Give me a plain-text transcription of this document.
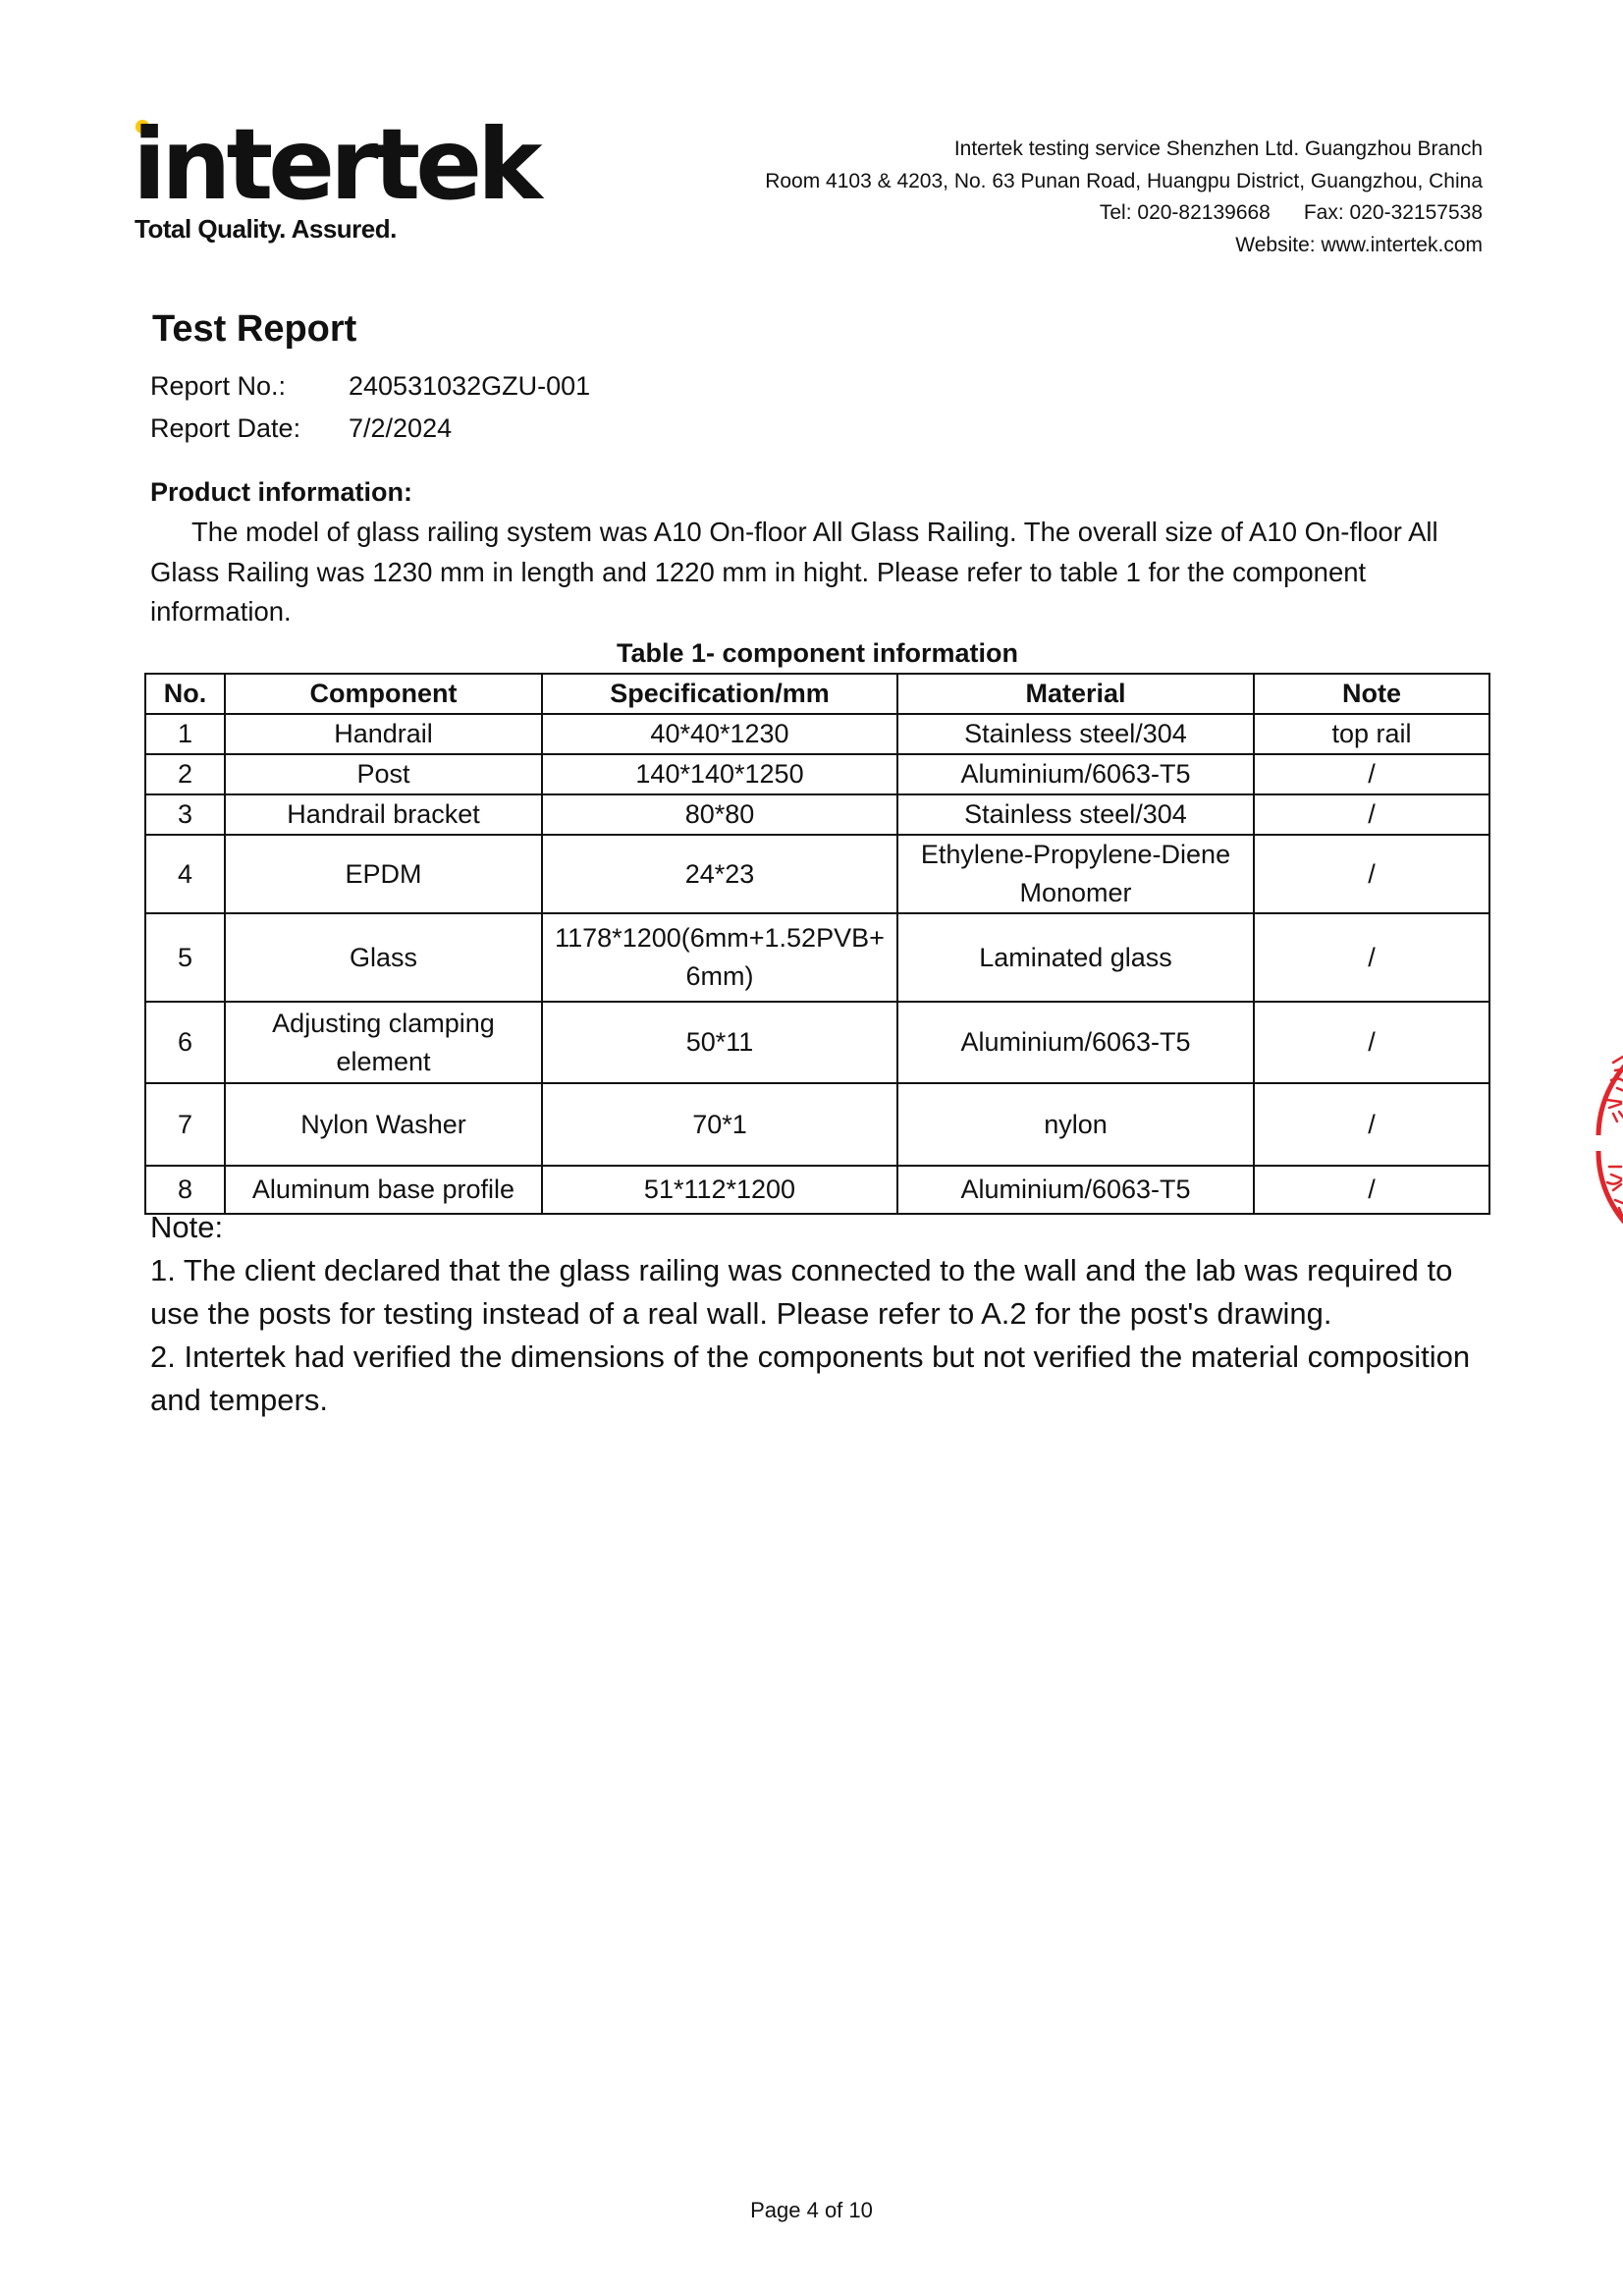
intertek
Total Quality. Assured.
Intertek testing service Shenzhen Ltd. Guangzhou Branch
Room 4103 & 4203, No. 63 Punan Road, Huangpu District, Guangzhou, China
Tel: 020-82139668 Fax: 020-32157538
Website: www.intertek.com
Test Report
Report No.: 240531032GZU-001
Report Date: 7/2/2024
Product information:
The model of glass railing system was A10 On-floor All Glass Railing. The overall size of A10 On-floor All
Glass Railing was 1230 mm in length and 1220 mm in hight. Please refer to table 1 for the component
information.
Table 1- component information
No.	Component	Specification/mm	Material	Note
1	Handrail	40*40*1230	Stainless steel/304	top rail
2	Post	140*140*1250	Aluminium/6063-T5	/
3	Handrail bracket	80*80	Stainless steel/304	/
4	EPDM	24*23	Ethylene-Propylene-Diene Monomer	/
5	Glass	1178*1200(6mm+1.52PVB+ 6mm)	Laminated glass	/
6	Adjusting clamping element	50*11	Aluminium/6063-T5	/
7	Nylon Washer	70*1	nylon	/
8	Aluminum base profile	51*112*1200	Aluminium/6063-T5	/
Note:
1. The client declared that the glass railing was connected to the wall and the lab was required to use the posts for testing instead of a real wall. Please refer to A.2 for the post's drawing.
2. Intertek had verified the dimensions of the components but not verified the material composition and tempers.
Page 4 of 10
